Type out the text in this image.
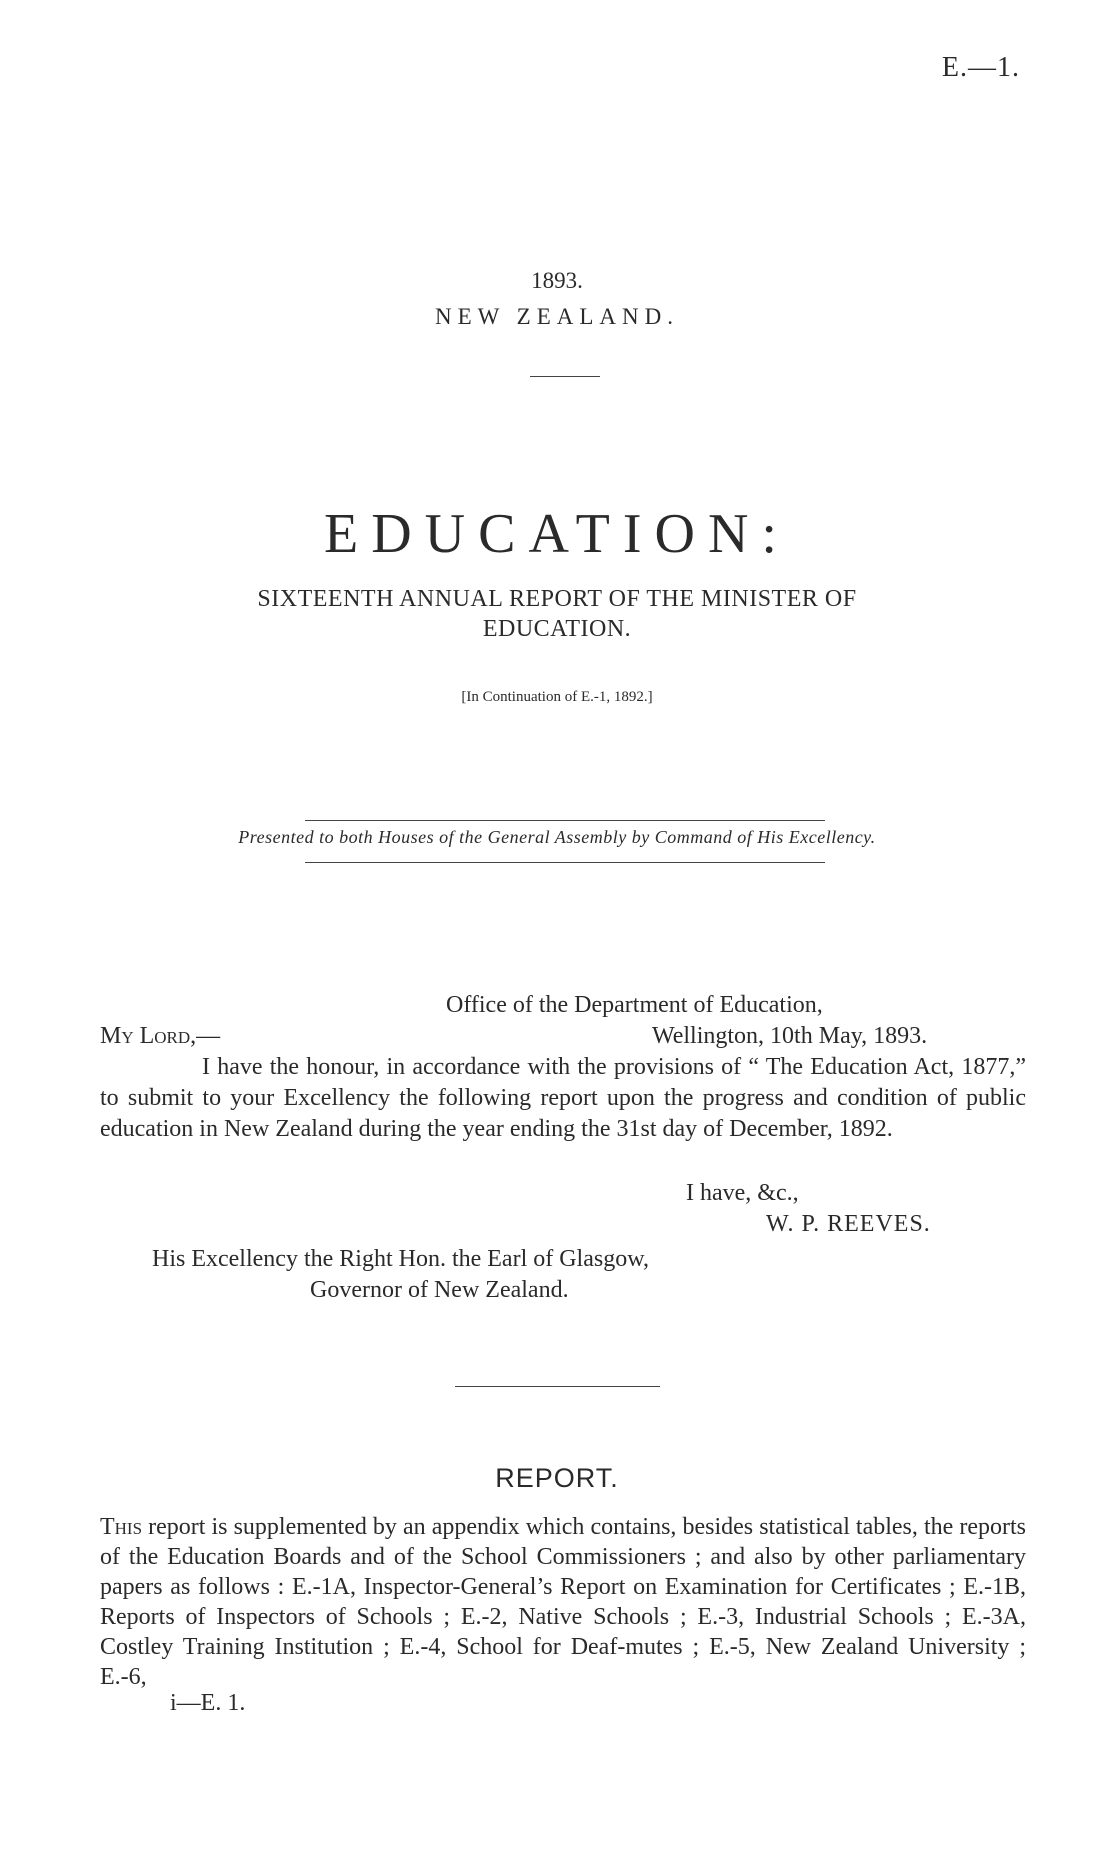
E.—1.
1893.
NEW ZEALAND.
EDUCATION:
SIXTEENTH ANNUAL REPORT OF THE MINISTER OF
EDUCATION.
[In Continuation of E.-1, 1892.]
Presented to both Houses of the General Assembly by Command of His Excellency.
Office of the Department of Education,
My Lord,—	Wellington, 10th May, 1893.
I have the honour, in accordance with the provisions of “ The Education Act, 1877,” to submit to your Excellency the following report upon the progress and condition of public education in New Zealand during the year ending the 31st day of December, 1892.
I have, &c.,
W. P. REEVES.
His Excellency the Right Hon. the Earl of Glasgow,
Governor of New Zealand.
REPORT.
This report is supplemented by an appendix which contains, besides statistical tables, the reports of the Education Boards and of the School Commissioners ; and also by other parliamentary papers as follows : E.-1A, Inspector-General’s Report on Examination for Certificates ; E.-1B, Reports of Inspectors of Schools ; E.-2, Native Schools ; E.-3, Industrial Schools ; E.-3A, Costley Training Institution ; E.-4, School for Deaf-mutes ; E.-5, New Zealand University ; E.-6,
i—E. 1.
